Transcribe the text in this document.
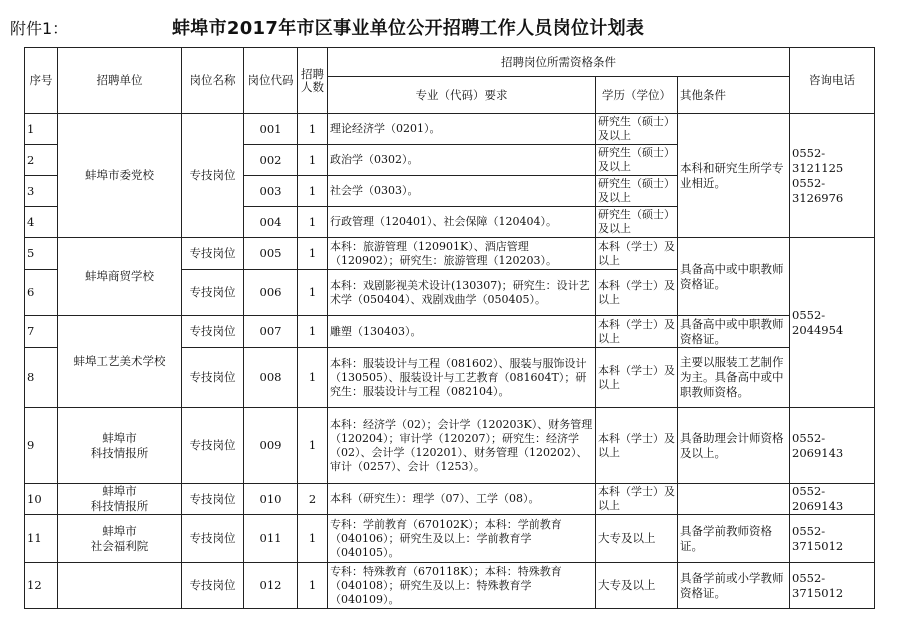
附件1：	蚌埠市2017年市区事业单位公开招聘工作人员岗位计划表
序号	招聘单位	岗位名称	岗位代码	招聘人数	招聘岗位所需资格条件			咨询电话
					专业（代码）要求	学历（学位）	其他条件	
1	蚌埠市委党校	专技岗位	001	1	理论经济学（0201）。	研究生（硕士）及以上	本科和研究生所学专业相近。	0552-3121125
0552-3126976
2			002	1	政治学（0302）。	研究生（硕士）及以上		
3			003	1	社会学（0303）。	研究生（硕士）及以上		
4			004	1	行政管理（120401）、社会保障（120404）。	研究生（硕士）及以上		
5	蚌埠商贸学校	专技岗位	005	1	本科：旅游管理（120901K）、酒店管理（120902）；研究生：旅游管理（120203）。	本科（学士）及以上	具备高中或中职教师资格证。	0552-2044954
6		专技岗位	006	1	本科：戏剧影视美术设计(130307)；研究生：设计艺术学（050404）、戏剧戏曲学（050405）。	本科（学士）及以上		
7	蚌埠工艺美术学校	专技岗位	007	1	雕塑（130403）。	本科（学士）及以上	具备高中或中职教师资格证。	
8		专技岗位	008	1	本科：服装设计与工程（081602）、服装与服饰设计（130505）、服装设计与工艺教育（081604T）；研究生：服装设计与工程（082104）。	本科（学士）及以上	主要以服装工艺制作为主。具备高中或中职教师资格。	
9	蚌埠市
科技情报所	专技岗位	009	1	本科：经济学（02）；会计学（120203K）、财务管理（120204）；审计学（120207）；研究生：经济学（02）、会计学（120201）、财务管理（120202）、审计（0257）、会计（1253）。	本科（学士）及以上	具备助理会计师资格及以上。	0552-2069143
10	蚌埠市
科技情报所	专技岗位	010	2	本科（研究生）：理学（07）、工学（08）。	本科（学士）及以上		0552-2069143
11	蚌埠市
社会福利院	专技岗位	011	1	专科：学前教育（670102K）；本科：学前教育（040106）；研究生及以上：学前教育学（040105）。	大专及以上	具备学前教师资格证。	0552-3715012
12		专技岗位	012	1	专科：特殊教育（670118K）；本科：特殊教育（040108）；研究生及以上：特殊教育学（040109）。	大专及以上	具备学前或小学教师资格证。	0552-3715012
